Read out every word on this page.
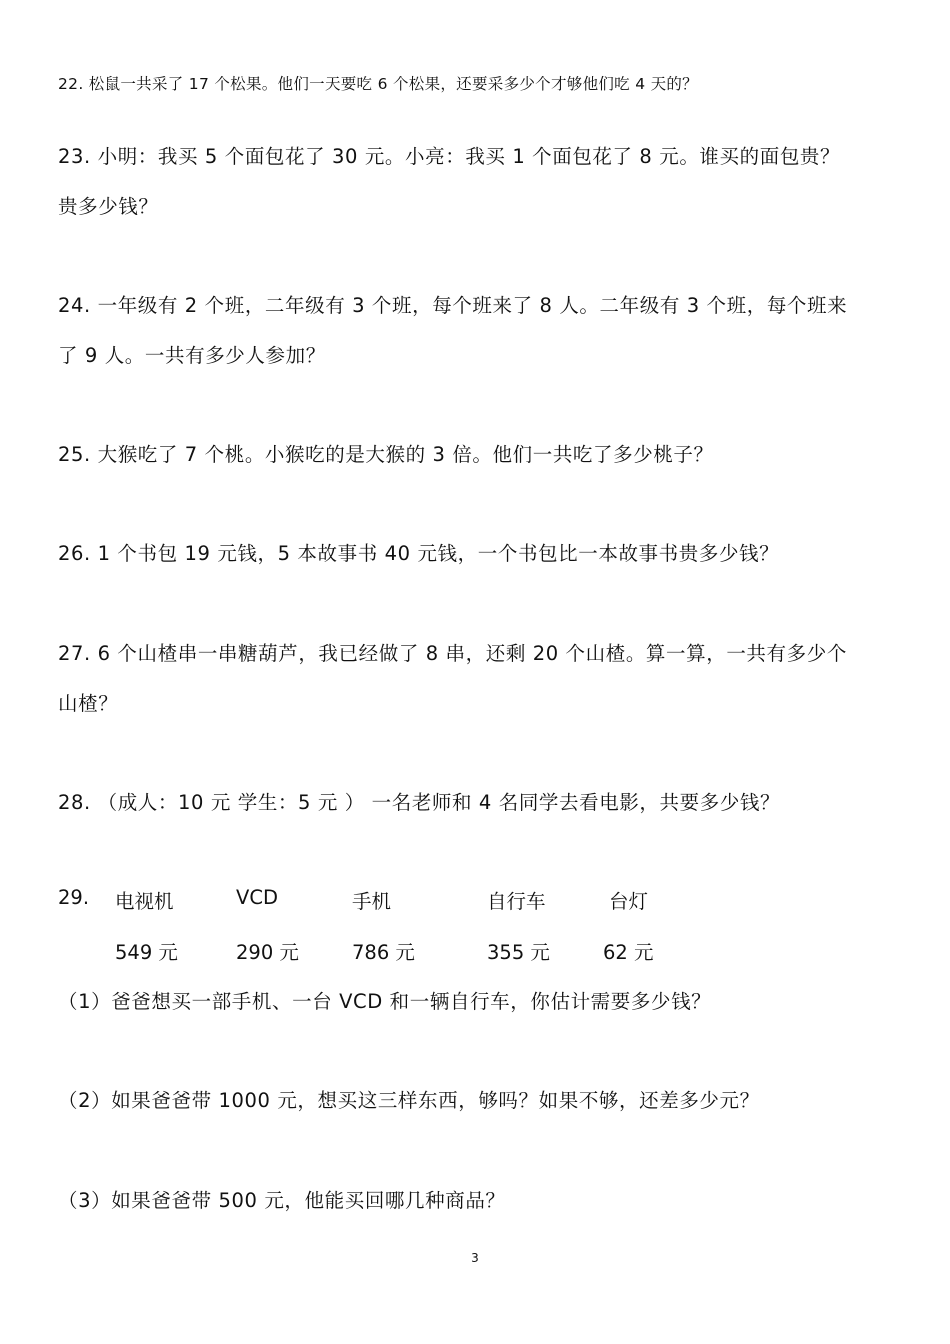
22. 松鼠一共采了 17 个松果。他们一天要吃 6 个松果，还要采多少个才够他们吃 4 天的？
23. 小明：我买 5 个面包花了 30 元。小亮：我买 1 个面包花了 8 元。谁买的面包贵？
贵多少钱？
24. 一年级有 2 个班，二年级有 3 个班，每个班来了 8 人。二年级有 3 个班，每个班来
了 9 人。一共有多少人参加？
25. 大猴吃了 7 个桃。小猴吃的是大猴的 3 倍。他们一共吃了多少桃子？
26. 1 个书包 19 元钱，5 本故事书 40 元钱，一个书包比一本故事书贵多少钱？
27. 6 个山楂串一串糖葫芦，我已经做了 8 串，还剩 20 个山楂。算一算，一共有多少个
山楂？
28. （成人：10 元 学生：5 元 ） 一名老师和 4 名同学去看电影，共要多少钱？
29. 电视机	VCD	手机	自行车	台灯
549 元	290 元	786 元	355 元	62 元
（1）爸爸想买一部手机、一台 VCD 和一辆自行车，你估计需要多少钱？
（2）如果爸爸带 1000 元，想买这三样东西，够吗？如果不够，还差多少元？
（3）如果爸爸带 500 元，他能买回哪几种商品？
3
